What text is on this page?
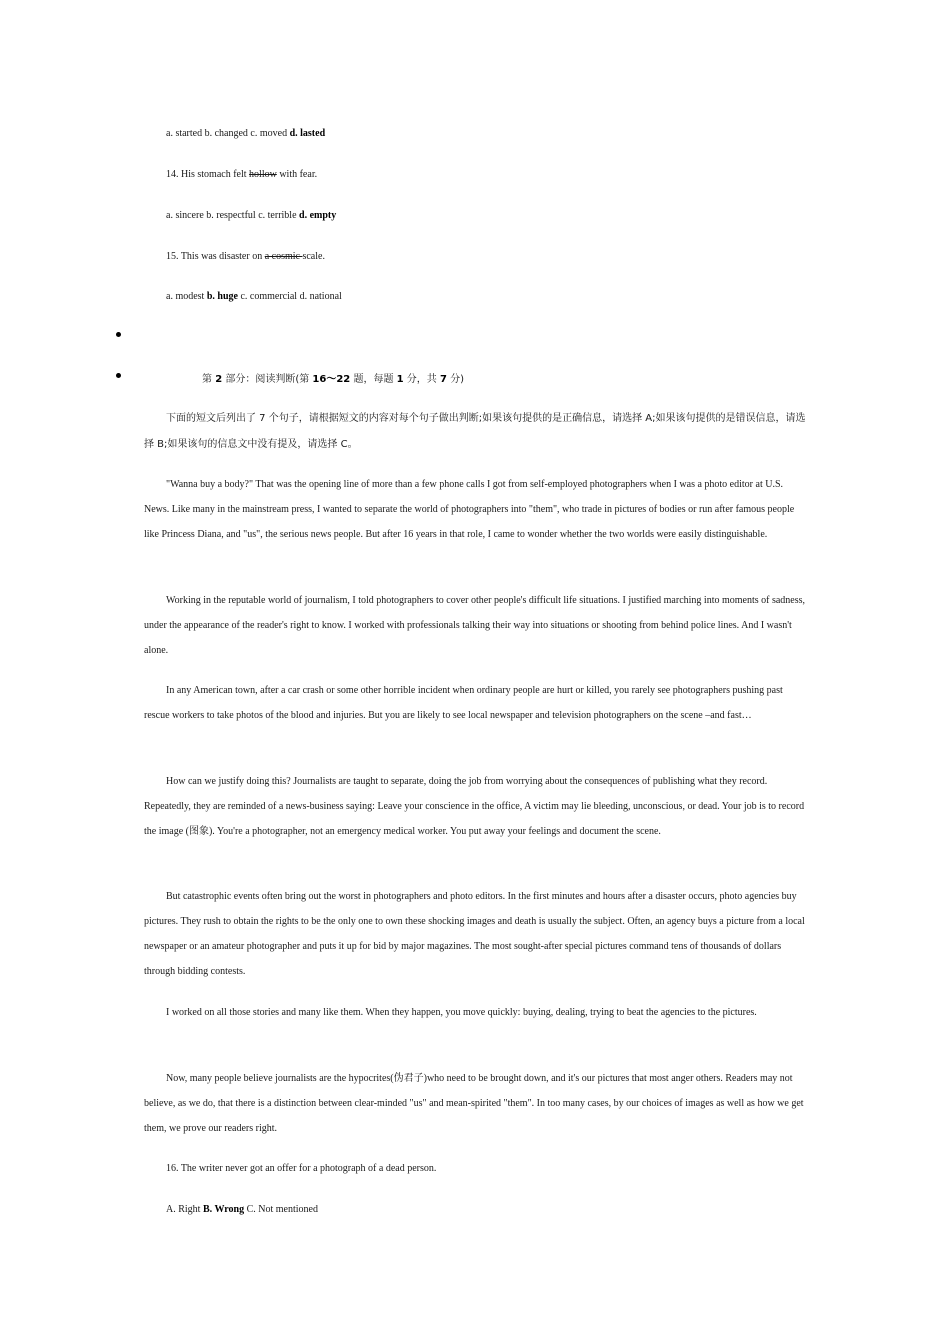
a. started b. changed c. moved d. lasted
14. His stomach felt hollow with fear.
a. sincere b. respectful c. terrible d. empty
15. This was disaster on a cosmic scale.
a. modest b. huge c. commercial d. national
第 2 部分：阅读判断(第 16～22 题，每题 1 分，共 7 分)

下面的短文后列出了 7 个句子，请根据短文的内容对每个句子做出判断;如果该句提供的是正确信息，请选择 A;如果该句提供的是错误信息，请选择 B;如果该句的信息文中没有提及，请选择 C。

"Wanna buy a body?" That was the opening line of more than a few phone calls I got from self-employed photographers when I was a photo editor at U.S. News. Like many in the mainstream press, I wanted to separate the world of photographers into "them", who trade in pictures of bodies or run after famous people like Princess Diana, and "us", the serious news people. But after 16 years in that role, I came to wonder whether the two worlds were easily distinguishable.

Working in the reputable world of journalism, I told photographers to cover other people's difficult life situations. I justified marching into moments of sadness, under the appearance of the reader's right to know. I worked with professionals talking their way into situations or shooting from behind police lines. And I wasn't alone.

In any American town, after a car crash or some other horrible incident when ordinary people are hurt or killed, you rarely see photographers pushing past rescue workers to take photos of the blood and injuries. But you are likely to see local newspaper and television photographers on the scene –and fast…

How can we justify doing this? Journalists are taught to separate, doing the job from worrying about the consequences of publishing what they record. Repeatedly, they are reminded of a news-business saying: Leave your conscience in the office, A victim may lie bleeding, unconscious, or dead. Your job is to record the image (图象). You're a photographer, not an emergency medical worker. You put away your feelings and document the scene.

But catastrophic events often bring out the worst in photographers and photo editors. In the first minutes and hours after a disaster occurs, photo agencies buy pictures. They rush to obtain the rights to be the only one to own these shocking images and death is usually the subject. Often, an agency buys a picture from a local newspaper or an amateur photographer and puts it up for bid by major magazines. The most sought-after special pictures command tens of thousands of dollars through bidding contests.

I worked on all those stories and many like them. When they happen, you move quickly: buying, dealing, trying to beat the agencies to the pictures.

Now, many people believe journalists are the hypocrites(伪君子)who need to be brought down, and it's our pictures that most anger others. Readers may not believe, as we do, that there is a distinction between clear-minded "us" and mean-spirited "them". In too many cases, by our choices of images as well as how we get them, we prove our readers right.

16. The writer never got an offer for a photograph of a dead person.
A. Right B. Wrong C. Not mentioned
